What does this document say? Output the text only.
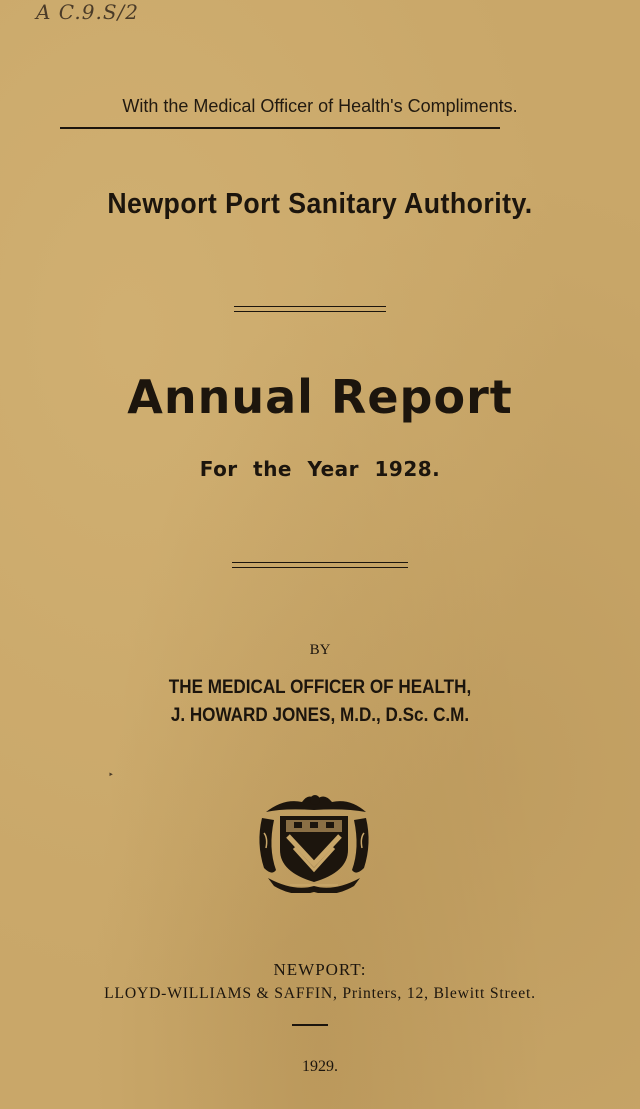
A C.9.S/2
With the Medical Officer of Health's Compliments.
Newport Port Sanitary Authority.
Annual Report
For the Year 1928.
BY
THE MEDICAL OFFICER OF HEALTH,
J. HOWARD JONES, M.D., D.Sc. C.M.
‣
NEWPORT:
LLOYD-WILLIAMS & SAFFIN, Printers, 12, Blewitt Street.
1929.
